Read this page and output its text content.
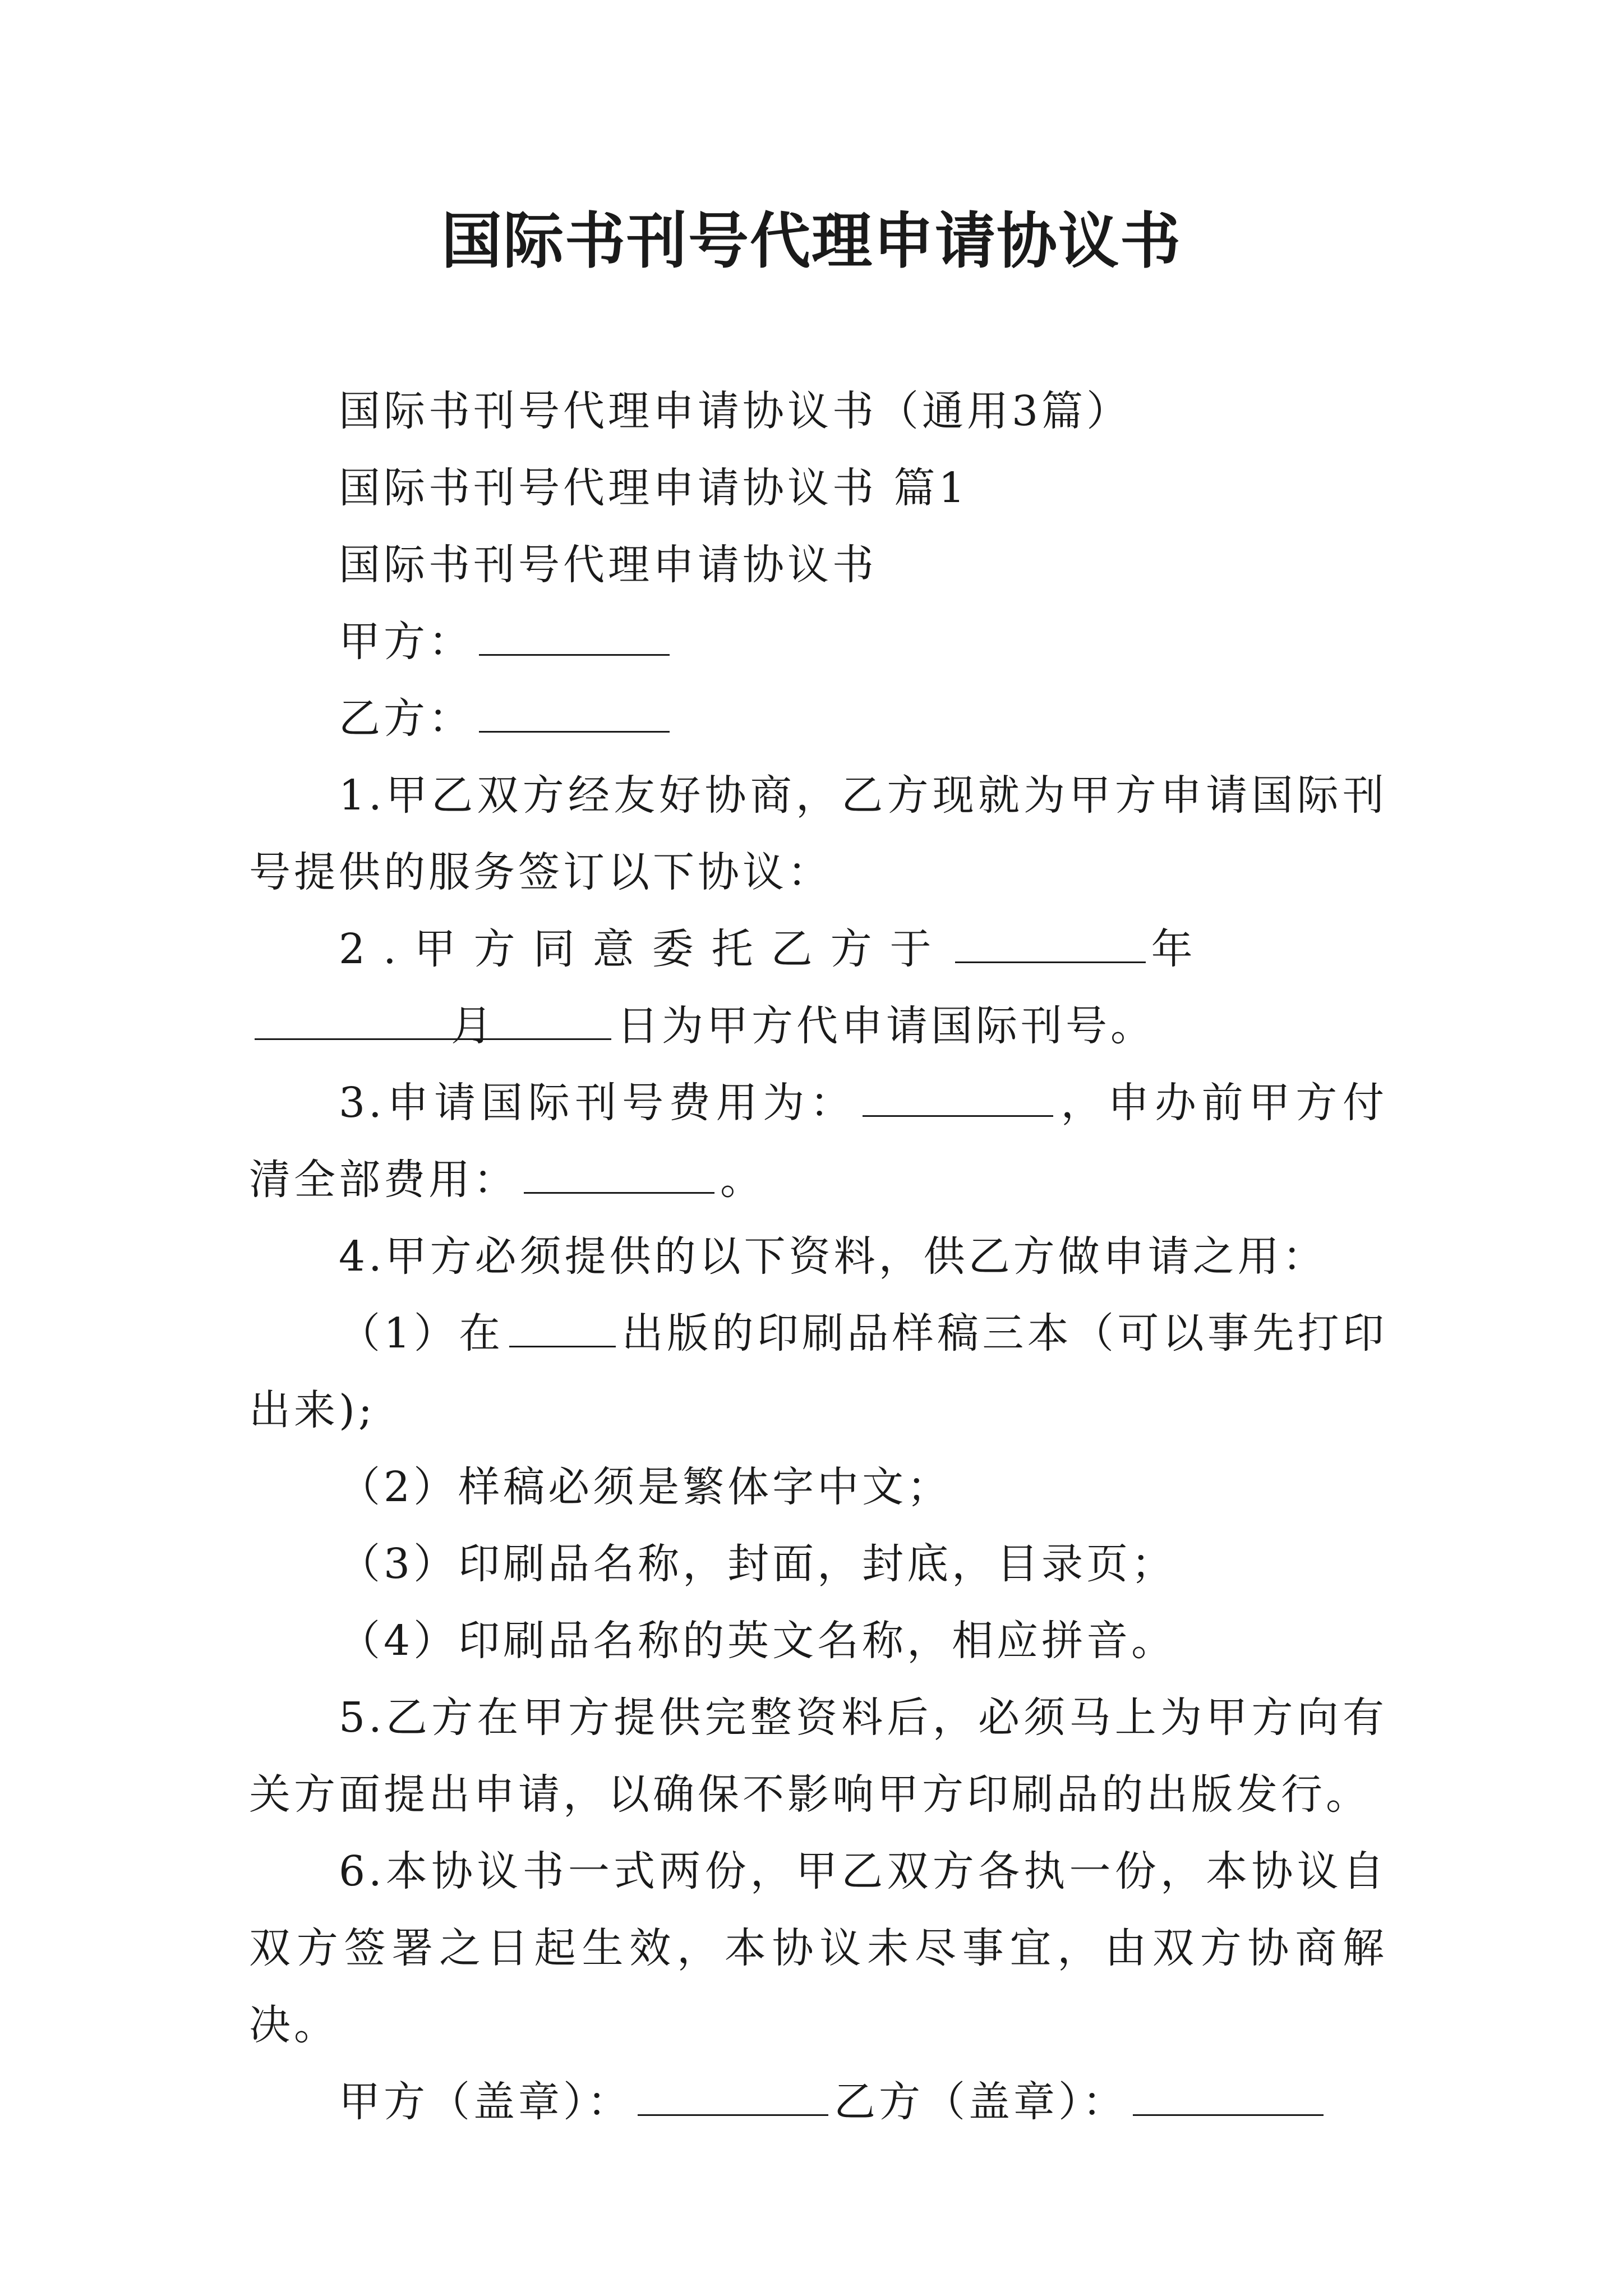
国际书刊号代理申请协议书

国际书刊号代理申请协议书（通用3篇）

国际书刊号代理申请协议书 篇1

国际书刊号代理申请协议书

甲方：

乙方：

1.甲乙双方经友好协商，乙方现就为甲方申请国际刊号提供的服务签订以下协议：

2.甲方同意委托乙方于	年月	日为甲方代申请国际刊号。

3.申请国际刊号费用为：	，申办前甲方付清全部费用：	。

4.甲方必须提供的以下资料，供乙方做申请之用：

（1）在	出版的印刷品样稿三本（可以事先打印出来);

（2）样稿必须是繁体字中文；

（3）印刷品名称，封面，封底，目录页；

（4）印刷品名称的英文名称，相应拼音。

5.乙方在甲方提供完整资料后，必须马上为甲方向有关方面提出申请，以确保不影响甲方印刷品的出版发行。

6.本协议书一式两份，甲乙双方各执一份，本协议自双方签署之日起生效，本协议未尽事宜，由双方协商解决。

甲方（盖章）：	乙方（盖章）：
